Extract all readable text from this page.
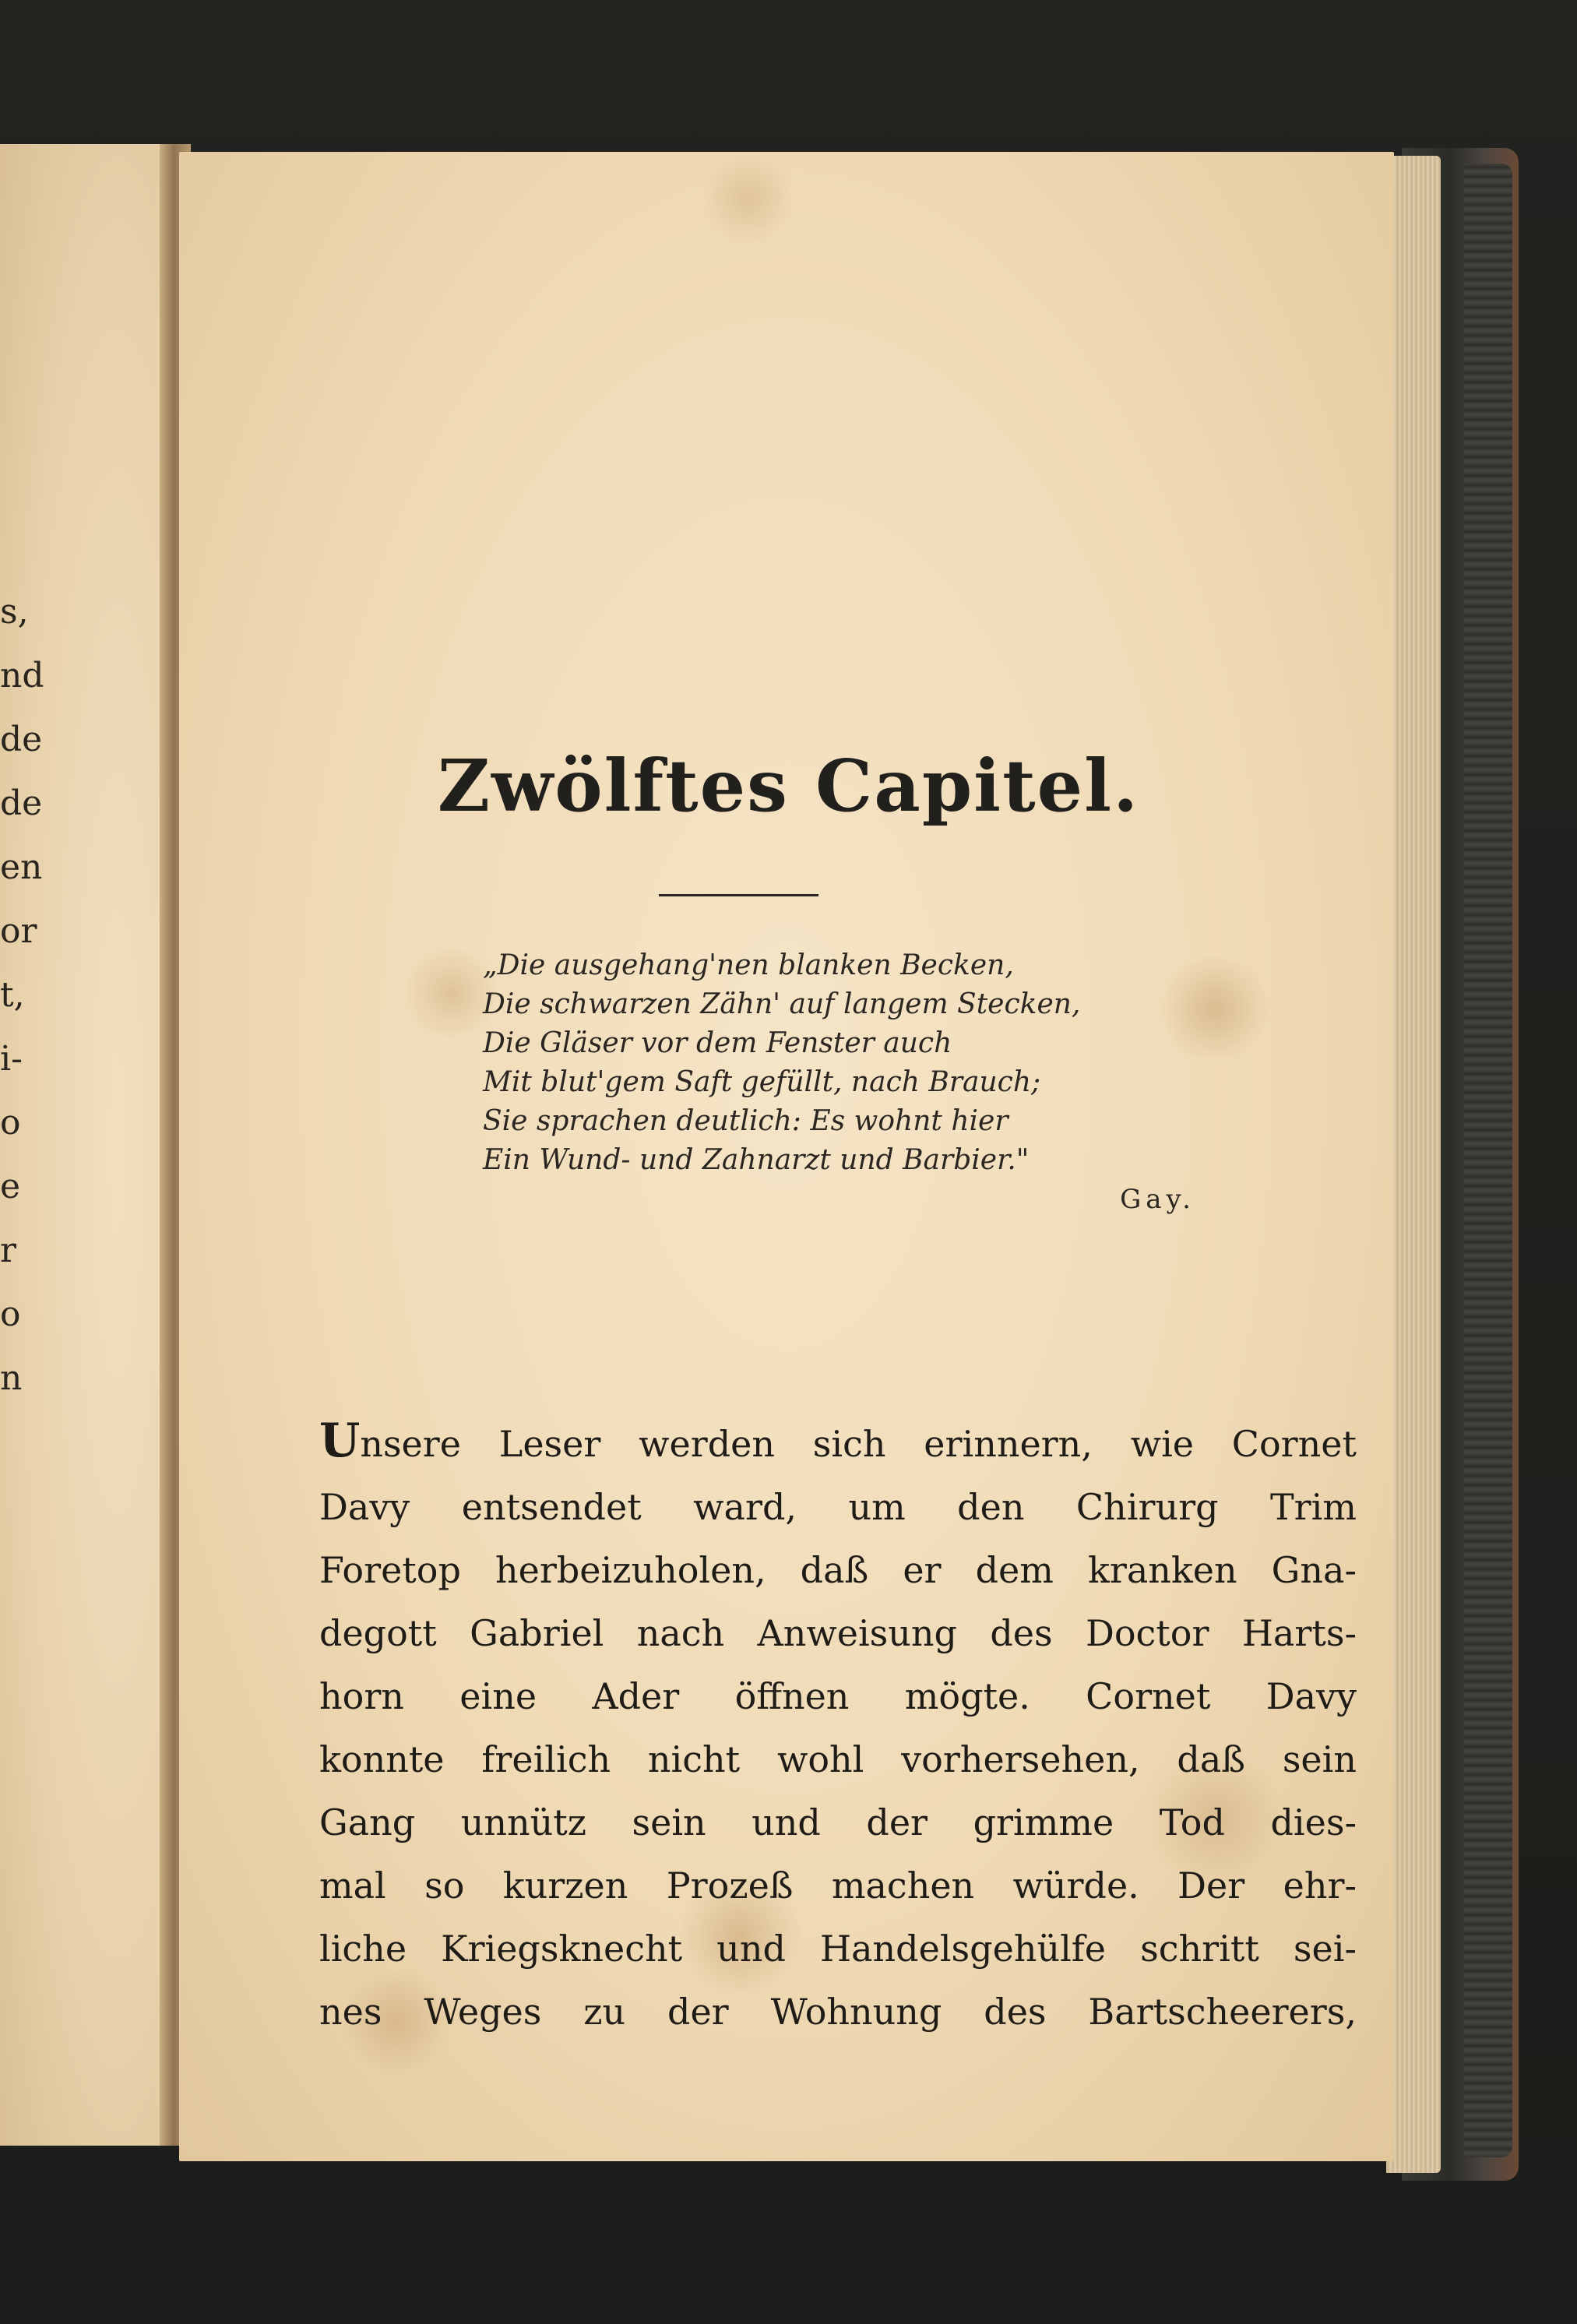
s,
nd
de
de
en
or
t,
i-
o
e
r
o
n
Zwölftes Capitel.
„Die ausgehang'nen blanken Becken,
Die schwarzen Zähn' auf langem Stecken,
Die Gläser vor dem Fenster auch
Mit blut'gem Saft gefüllt, nach Brauch;
Sie sprachen deutlich: Es wohnt hier
Ein Wund- und Zahnarzt und Barbier."
Gay.
Unsere Leser werden sich erinnern, wie Cornet
Davy entsendet ward, um den Chirurg Trim
Foretop herbeizuholen, daß er dem kranken Gna-
degott Gabriel nach Anweisung des Doctor Harts-
horn eine Ader öffnen mögte. Cornet Davy
konnte freilich nicht wohl vorhersehen, daß sein
Gang unnütz sein und der grimme Tod dies-
mal so kurzen Prozeß machen würde. Der ehr-
liche Kriegsknecht und Handelsgehülfe schritt sei-
nes Weges zu der Wohnung des Bartscheerers,
